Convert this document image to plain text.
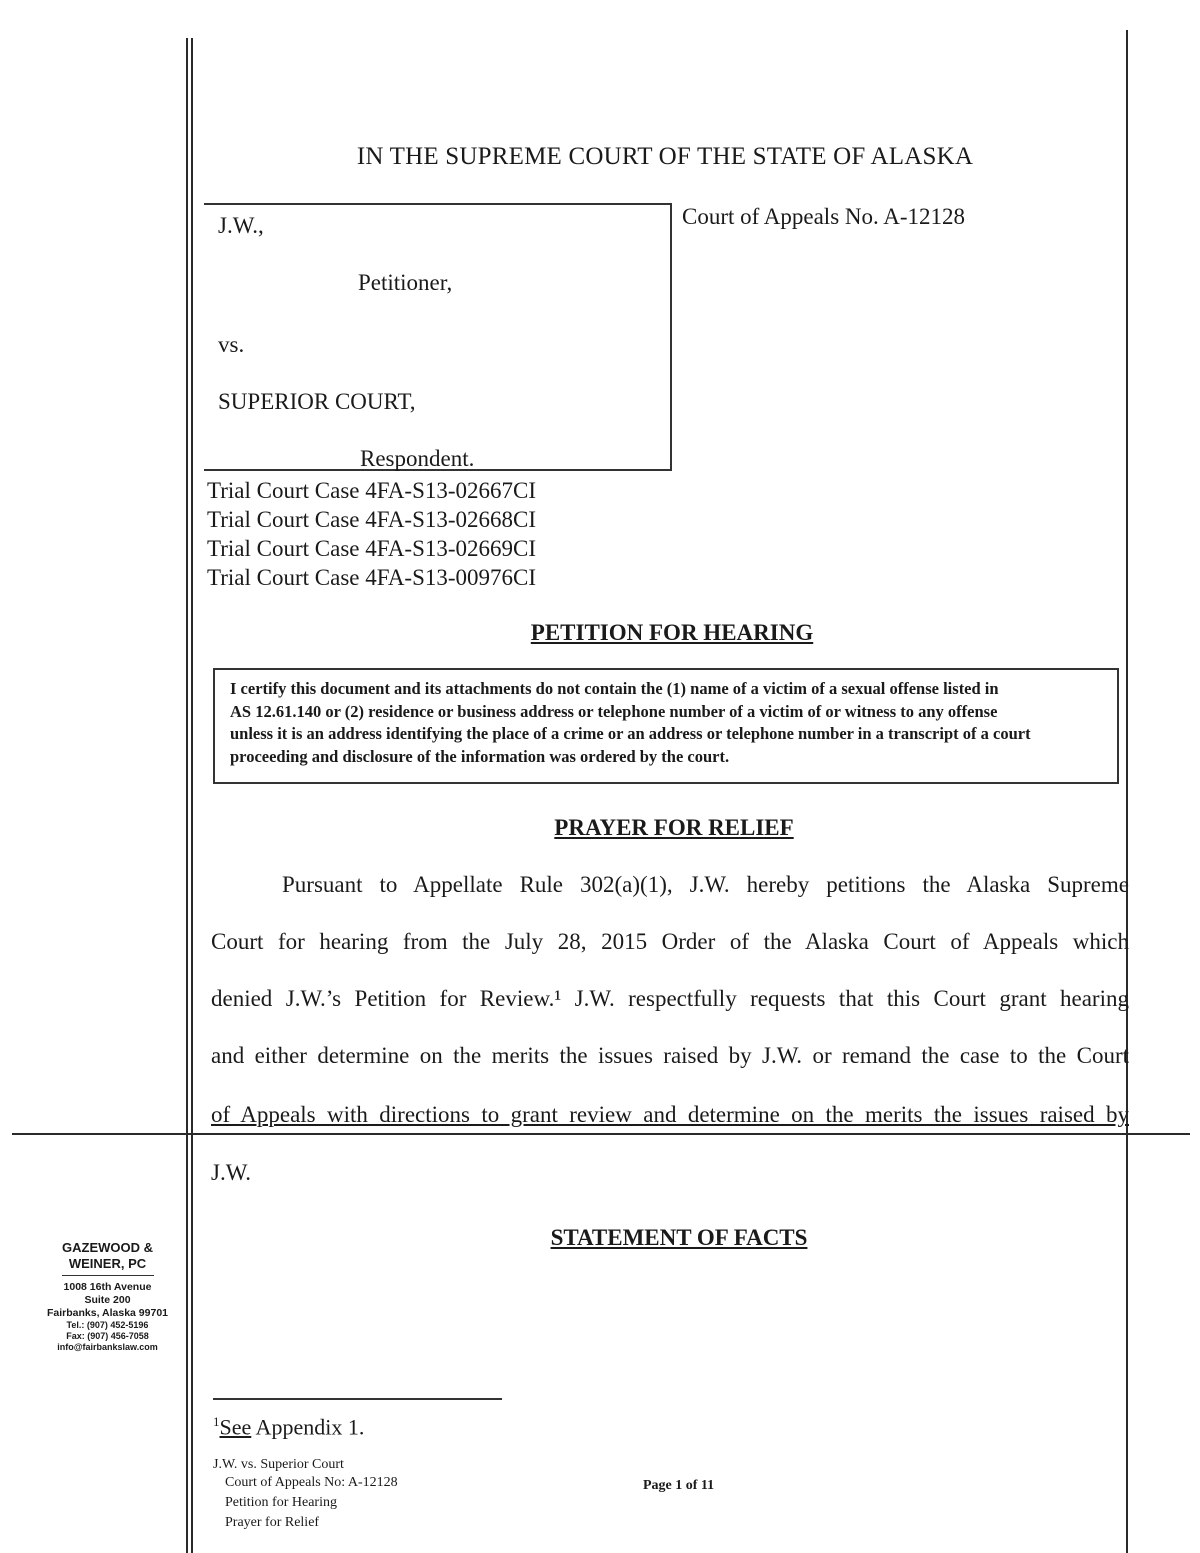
IN THE SUPREME COURT OF THE STATE OF ALASKA
J.W.,
Petitioner,
vs.
SUPERIOR COURT,
Respondent.
Court of Appeals No. A-12128
Trial Court Case 4FA-S13-02667CI
Trial Court Case 4FA-S13-02668CI
Trial Court Case 4FA-S13-02669CI
Trial Court Case 4FA-S13-00976CI
PETITION FOR HEARING
I certify this document and its attachments do not contain the (1) name of a victim of a sexual offense listed in
AS 12.61.140 or (2) residence or business address or telephone number of a victim of or witness to any offense
unless it is an address identifying the place of a crime or an address or telephone number in a transcript of a court
proceeding and disclosure of the information was ordered by the court.
PRAYER FOR RELIEF
Pursuant to Appellate Rule 302(a)(1), J.W. hereby petitions the Alaska Supreme
Court for hearing from the July 28, 2015 Order of the Alaska Court of Appeals which
denied J.W.’s Petition for Review.¹ J.W. respectfully requests that this Court grant hearing
and either determine on the merits the issues raised by J.W. or remand the case to the Court
of Appeals with directions to grant review and determine on the merits the issues raised by
J.W.
STATEMENT OF FACTS
$^1$See Appendix 1.
GAZEWOOD &
WEINER, PC
1008 16th Avenue
Suite 200
Fairbanks, Alaska 99701
Tel.: (907) 452-5196
Fax: (907) 456-7058
info@fairbankslaw.com
J.W. vs. Superior Court
Court of Appeals No: A-12128
Petition for Hearing
Prayer for Relief
Page 1 of 11
